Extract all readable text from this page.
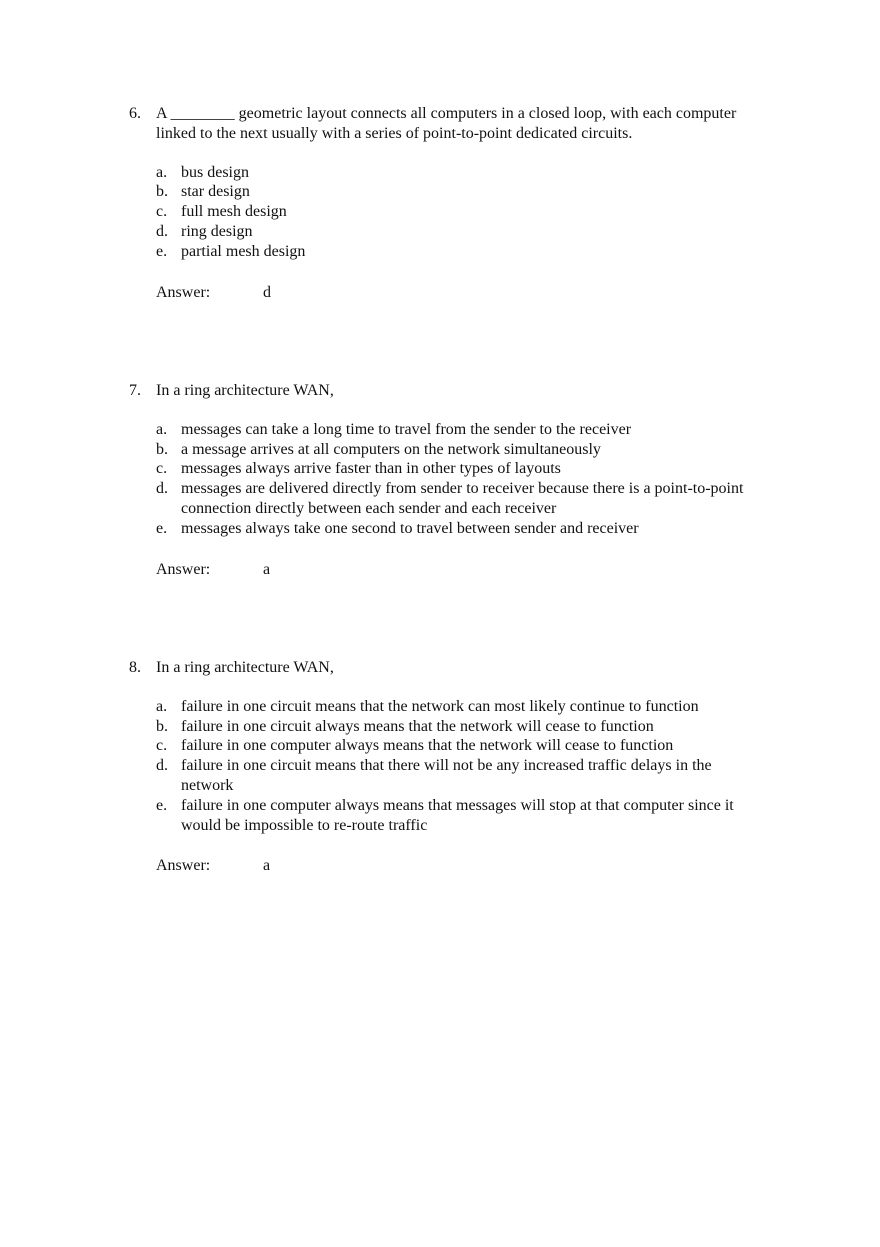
6. A ________ geometric layout connects all computers in a closed loop, with each computer linked to the next usually with a series of point-to-point dedicated circuits.
a. bus design
b. star design
c. full mesh design
d. ring design
e. partial mesh design
Answer:	d
7. In a ring architecture WAN,
a. messages can take a long time to travel from the sender to the receiver
b. a message arrives at all computers on the network simultaneously
c. messages always arrive faster than in other types of layouts
d. messages are delivered directly from sender to receiver because there is a point-to-point connection directly between each sender and each receiver
e. messages always take one second to travel between sender and receiver
Answer:	a
8. In a ring architecture WAN,
a. failure in one circuit means that the network can most likely continue to function
b. failure in one circuit always means that the network will cease to function
c. failure in one computer always means that the network will cease to function
d. failure in one circuit means that there will not be any increased traffic delays in the network
e. failure in one computer always means that messages will stop at that computer since it would be impossible to re-route traffic
Answer:	a
